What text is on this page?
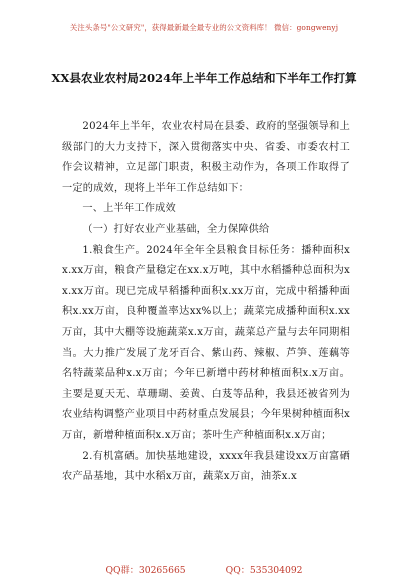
关注头条号"公文研究"，获得最新最全最专业的公文资料库！ 微信：gongwenyj
XX县农业农村局2024年上半年工作总结和下半年工作打算

2024年上半年，农业农村局在县委、政府的坚强领导和上级部门的大力支持下，深入贯彻落实中央、省委、市委农村工作会议精神，立足部门职责，积极主动作为，各项工作取得了一定的成效，现将上半年工作总结如下：

一、上半年工作成效

（一）打好农业产业基础，全力保障供给

1.粮食生产。2024年全年全县粮食目标任务：播种面积xx.xx万亩，粮食产量稳定在xx.x万吨，其中水稻播种总面积为xx.xx万亩。现已完成早稻播种面积x.xx万亩，完成中稻播种面积x.xx万亩，良种覆盖率达xx%以上；蔬菜完成播种面积x.xx万亩，其中大棚等设施蔬菜x.x万亩，蔬菜总产量与去年同期相当。大力推广发展了龙牙百合、紫山药、辣椒、芦笋、莲藕等名特蔬菜品种x.x万亩；今年已新增中药材种植面积x.x万亩。主要是夏天无、草珊瑚、姜黄、白芨等品种，我县还被省列为农业结构调整产业项目中药材重点发展县；今年果树种植面积x万亩，新增种植面积x.x万亩；茶叶生产种植面积x.x万亩；

2.有机富硒。加快基地建设，xxxx年我县建设xx万亩富硒农产品基地，其中水稻x万亩，蔬菜x万亩，油茶x.x

QQ群：30265665	QQ：535304092
